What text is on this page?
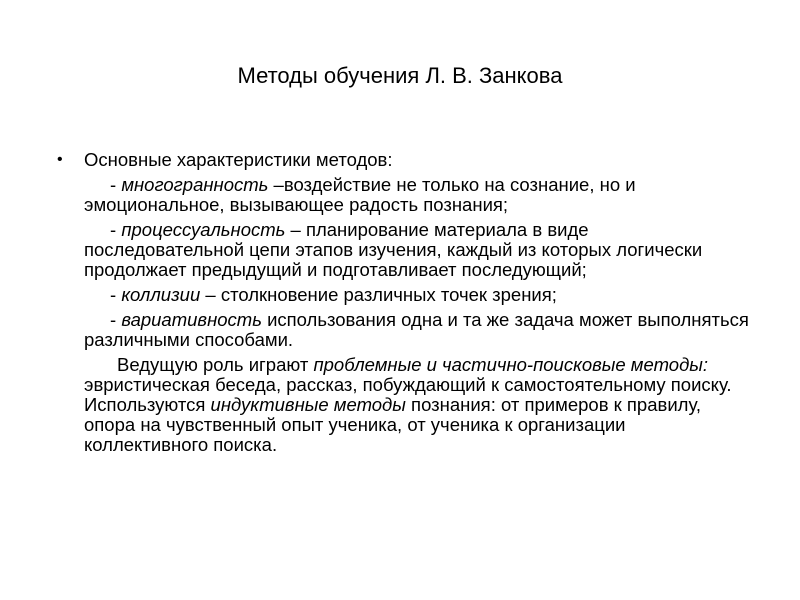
Методы обучения Л. В. Занкова
• Основные характеристики методов:
- многогранность –воздействие не только на сознание, но и эмоциональное, вызывающее радость познания;
- процессуальность – планирование материала в виде последовательной цепи этапов изучения, каждый из которых логически продолжает предыдущий и подготавливает последующий;
- коллизии – столкновение различных точек зрения;
- вариативность использования одна и та же задача может выполняться различными способами.
Ведущую роль играют проблемные и частично-поисковые методы: эвристическая беседа, рассказ, побуждающий к самостоятельному поиску. Используются индуктивные методы познания: от примеров к правилу, опора на чувственный опыт ученика, от ученика к организации коллективного поиска.
